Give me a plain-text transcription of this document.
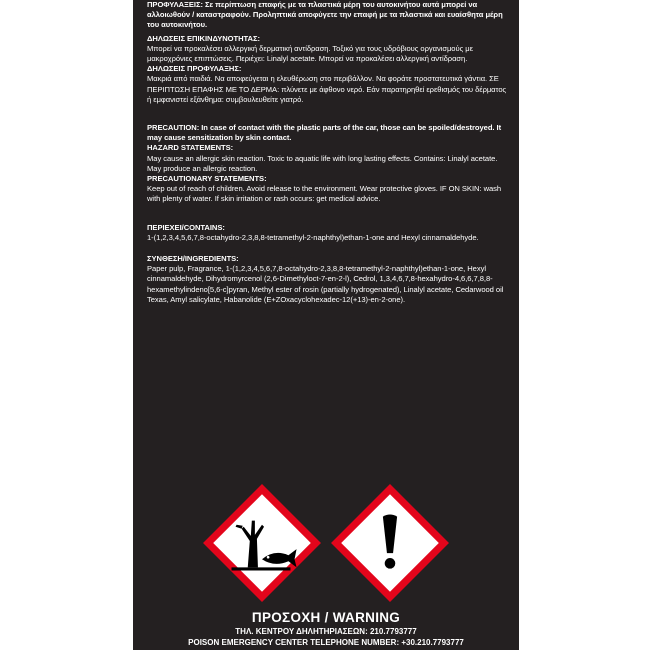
ΠΡΟΦΥΛΑΞΕΙΣ: Σε περίπτωση επαφής με τα πλαστικά μέρη του αυτοκινήτου αυτά μπορεί να αλλοιωθούν / καταστραφούν. Προληπτικά αποφύγετε την επαφή με τα πλαστικά και ευαίσθητα μέρη του αυτοκινήτου.

ΔΗΛΩΣΕΙΣ ΕΠΙΚΙΝΔΥΝΟΤΗΤΑΣ:

Μπορεί να προκαλέσει αλλεργική δερματική αντίδραση. Τοξικό για τους υδρόβιους οργανισμούς με μακροχρόνιες επιπτώσεις. Περιέχει: Linalyl acetate. Μπορεί να προκαλέσει αλλεργική αντίδραση.

ΔΗΛΩΣΕΙΣ ΠΡΟΦΥΛΑΞΗΣ:

Μακριά από παιδιά. Να αποφεύγεται η ελευθέρωση στο περιβάλλον. Να φοράτε προστατευτικά γάντια. ΣΕ ΠΕΡΙΠΤΩΣΗ ΕΠΑΦΗΣ ΜΕ ΤΟ ΔΕΡΜΑ: πλύνετε με άφθονο νερό. Εάν παρατηρηθεί ερεθισμός του δέρματος ή εμφανιστεί εξάνθημα: συμβουλευθείτε γιατρό.

PRECAUTION: In case of contact with the plastic parts of the car, those can be spoiled/destroyed. It may cause sensitization by skin contact.

HAZARD STATEMENTS:

May cause an allergic skin reaction. Toxic to aquatic life with long lasting effects. Contains: Linalyl acetate. May produce an allergic reaction.

PRECAUTIONARY STATEMENTS:

Keep out of reach of children. Avoid release to the environment. Wear protective gloves. IF ON SKIN: wash with plenty of water. If skin irritation or rash occurs: get medical advice.

ΠΕΡΙΕΧΕΙ/CONTAINS:

1-(1,2,3,4,5,6,7,8-octahydro-2,3,8,8-tetramethyl-2-naphthyl)ethan-1-one and Hexyl cinnamaldehyde.

ΣΥΝΘΕΣΗ/INGREDIENTS:

Paper pulp, Fragrance, 1-(1,2,3,4,5,6,7,8-octahydro-2,3,8,8-tetramethyl-2-naphthyl)ethan-1-one, Hexyl cinnamaldehyde, Dihydromyrcenol (2,6-Dimethyloct-7-en-2-l), Cedrol, 1,3,4,6,7,8-hexahydro-4,6,6,7,8,8-hexamethylindeno[5,6-c]pyran, Methyl ester of rosin (partially hydrogenated), Linalyl acetate, Cedarwood oil Texas, Amyl salicylate, Habanolide (E+ZOxacyclohexadec-12(+13)-en-2-one).

ΠΡΟΣΟΧΗ / WARNING
ΤΗΛ. ΚΕΝΤΡΟΥ ΔΗΛΗΤΗΡΙΑΣΕΩΝ: 210.7793777
POISON EMERGENCY CENTER TELEPHONE NUMBER: +30.210.7793777
